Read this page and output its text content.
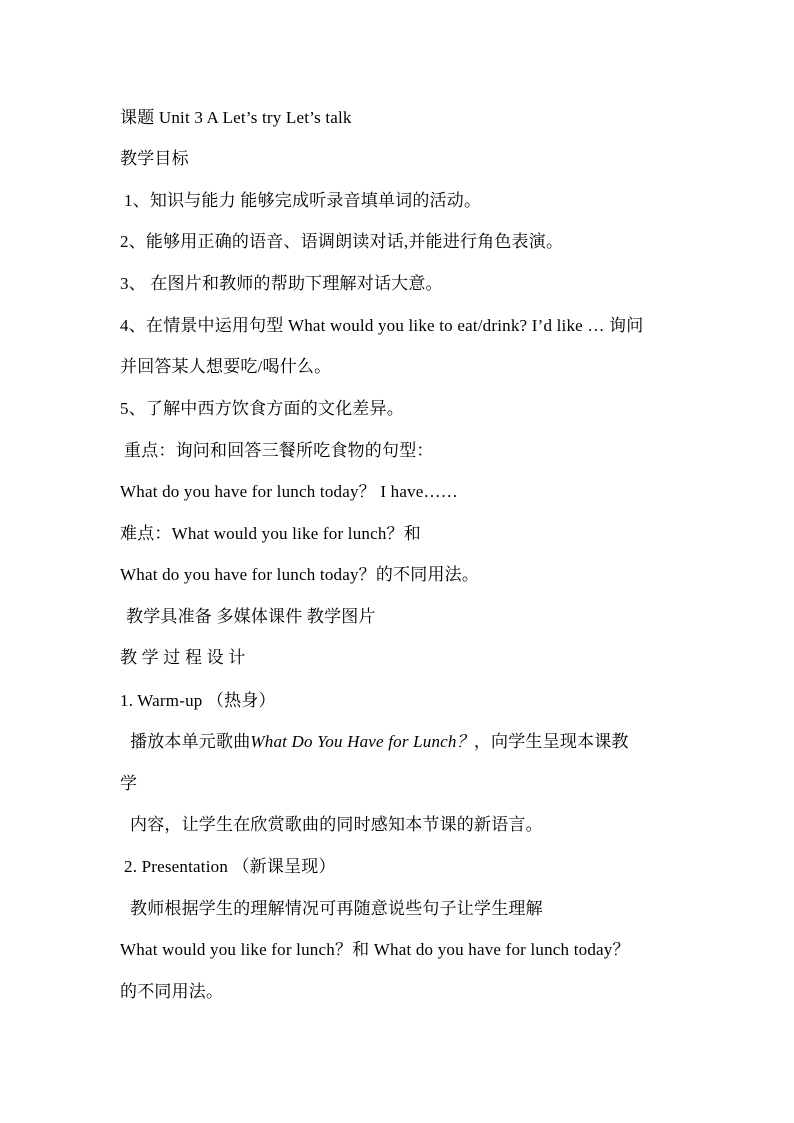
课题 Unit 3 A Let’s try Let’s talk
教学目标
1、知识与能力 能够完成听录音填单词的活动。
2、能够用正确的语音、语调朗读对话,并能进行角色表演。
3、 在图片和教师的帮助下理解对话大意。
4、在情景中运用句型 What would you like to eat/drink? I’d like … 询问
并回答某人想要吃/喝什么。
5、了解中西方饮食方面的文化差异。
重点：询问和回答三餐所吃食物的句型：
What do you have for lunch today？ I have……
难点：What would you like for lunch？和
What do you have for lunch today？的不同用法。
教学具准备 多媒体课件 教学图片
教 学 过 程 设 计
1. Warm-up （热身）
播放本单元歌曲What Do You Have for Lunch？，向学生呈现本课教
学
内容，让学生在欣赏歌曲的同时感知本节课的新语言。
2. Presentation （新课呈现）
教师根据学生的理解情况可再随意说些句子让学生理解
What would you like for lunch？和 What do you have for lunch today？
的不同用法。
